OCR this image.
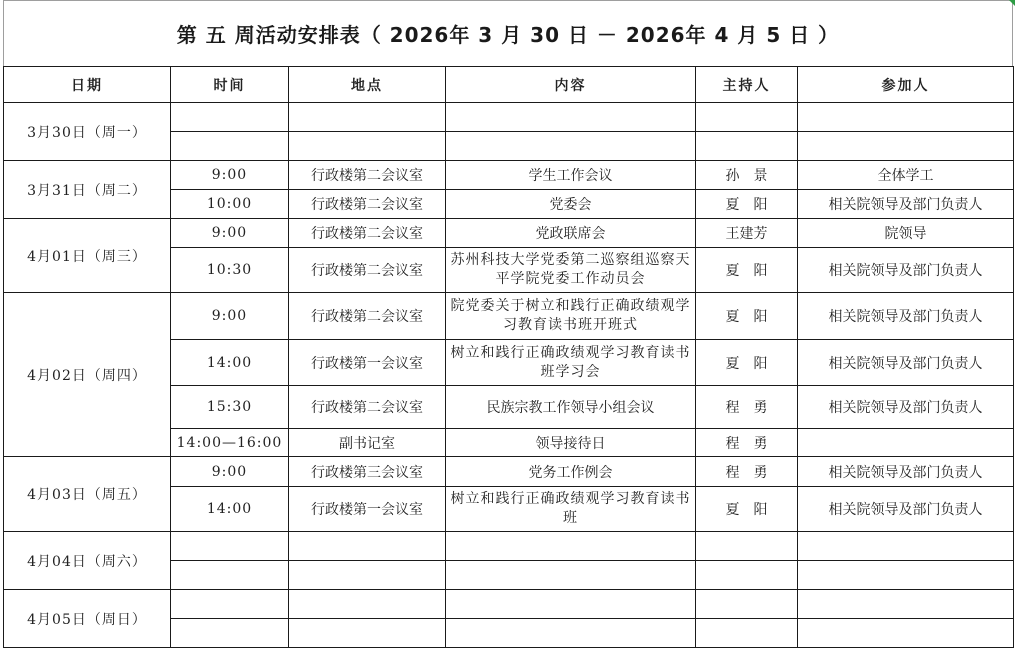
第 五 周活动安排表（ 2026年 3 月 30 日 － 2026年 4 月 5 日 ）
日期	时间	地点	内容	主持人	参加人
3月30日（周一）					

3月31日（周二）	9:00	行政楼第二会议室	学生工作会议	孙　景	全体学工
	10:00	行政楼第二会议室	党委会	夏　阳	相关院领导及部门负责人
4月01日（周三）	9:00	行政楼第二会议室	党政联席会	王建芳	院领导
	10:30	行政楼第二会议室	苏州科技大学党委第二巡察组巡察天平学院党委工作动员会	夏　阳	相关院领导及部门负责人
4月02日（周四）	9:00	行政楼第二会议室	院党委关于树立和践行正确政绩观学习教育读书班开班式	夏　阳	相关院领导及部门负责人
	14:00	行政楼第一会议室	树立和践行正确政绩观学习教育读书班学习会	夏　阳	相关院领导及部门负责人
	15:30	行政楼第二会议室	民族宗教工作领导小组会议	程　勇	相关院领导及部门负责人
	14:00—16:00	副书记室	领导接待日	程　勇	
4月03日（周五）	9:00	行政楼第三会议室	党务工作例会	程　勇	相关院领导及部门负责人
	14:00	行政楼第一会议室	树立和践行正确政绩观学习教育读书班	夏　阳	相关院领导及部门负责人
4月04日（周六）					

4月05日（周日）					
